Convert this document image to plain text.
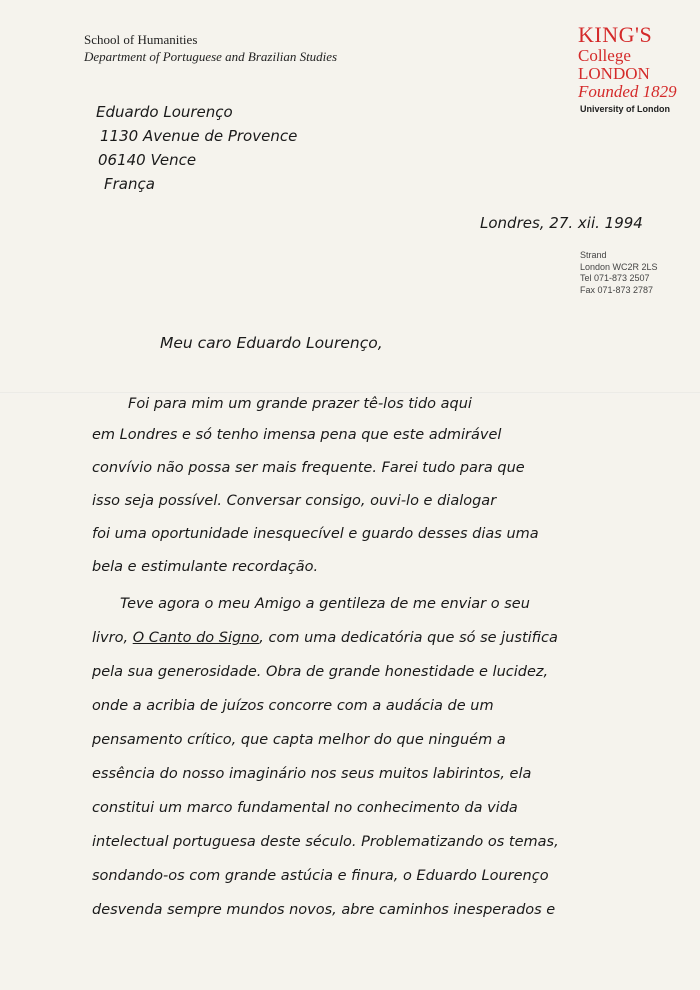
School of Humanities
Department of Portuguese and Brazilian Studies
KING'S
College
LONDON
Founded 1829
University of London
Eduardo Lourenço
1130 Avenue de Provence
06140 Vence
França
Londres, 27. xii. 1994
Strand
London WC2R 2LS
Tel 071-873 2507
Fax 071-873 2787
Meu caro Eduardo Lourenço,
Foi para mim um grande prazer tê-los tido aqui
em Londres e só tenho imensa pena que este admirável
convívio não possa ser mais frequente. Farei tudo para que
isso seja possível. Conversar consigo, ouvi-lo e dialogar
foi uma oportunidade inesquecível e guardo desses dias uma
bela e estimulante recordação.
Teve agora o meu Amigo a gentileza de me enviar o seu
livro, O Canto do Signo, com uma dedicatória que só se justifica
pela sua generosidade. Obra de grande honestidade e lucidez,
onde a acribia de juízos concorre com a audácia de um
pensamento crítico, que capta melhor do que ninguém a
essência do nosso imaginário nos seus muitos labirintos, ela
constitui um marco fundamental no conhecimento da vida
intelectual portuguesa deste século. Problematizando os temas,
sondando-os com grande astúcia e finura, o Eduardo Lourenço
desvenda sempre mundos novos, abre caminhos inesperados e
